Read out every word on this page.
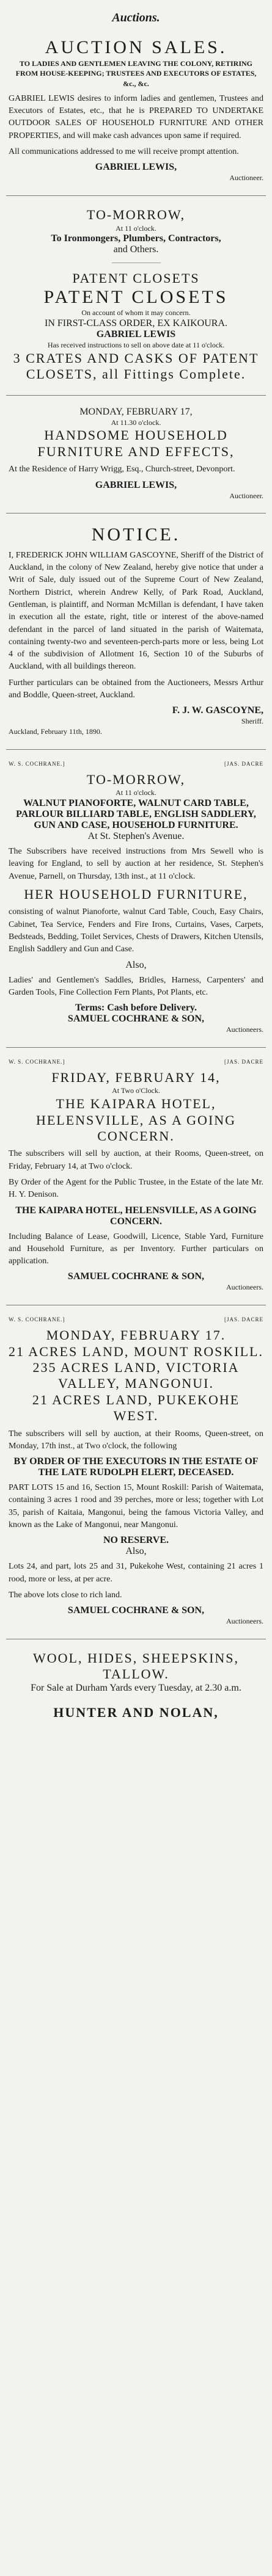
Auctions.
AUCTION SALES.
TO LADIES AND GENTLEMEN LEAVING THE COLONY, RETIRING FROM HOUSE-KEEPING; TRUSTEES AND EXECUTORS OF ESTATES, &c., &c.

GABRIEL LEWIS desires to inform ladies and gentlemen, Trustees and Executors of Estates, etc., that he is PREPARED TO UNDERTAKE OUTDOOR SALES OF HOUSEHOLD FURNITURE AND OTHER PROPERTIES, and will make cash advances upon same if required.

All communications addressed to me will receive prompt attention.

GABRIEL LEWIS,
Auctioneer.
TO-MORROW,
At 11 o'clock.
To Ironmongers, Plumbers, Contractors,
and Others.
PATENT CLOSETS
PATENT CLOSETS
On account of whom it may concern.
IN FIRST-CLASS ORDER, EX KAIKOURA.
GABRIEL LEWIS
Has received instructions to sell on above date at 11 o'clock.
3 CRATES AND CASKS OF PATENT CLOSETS, all Fittings Complete.
MONDAY, FEBRUARY 17,
At 11.30 o'clock.
HANDSOME HOUSEHOLD FURNITURE AND EFFECTS,

At the Residence of Harry Wrigg, Esq., Church-street, Devonport.

GABRIEL LEWIS,
Auctioneer.
NOTICE.

I, FREDERICK JOHN WILLIAM GASCOYNE, Sheriff of the District of Auckland, in the colony of New Zealand, hereby give notice that under a Writ of Sale, duly issued out of the Supreme Court of New Zealand, Northern District, wherein Andrew Kelly, of Park Road, Auckland, Gentleman, is plaintiff, and Norman McMillan is defendant, I have taken in execution all the estate, right, title or interest of the above-named defendant in the parcel of land situated in the parish of Waitemata, containing twenty-two and seventeen-perch-parts more or less, being Lot 4 of the subdivision of Allotment 16, Section 10 of the Suburbs of Auckland, with all buildings thereon.

Further particulars can be obtained from the Auctioneers, Messrs Arthur and Boddle, Queen-street, Auckland.

F. J. W. GASCOYNE,
Sheriff.
Auckland, February 11th, 1890.
W. S. COCHRANE.]	[JAS. DACRE
TO-MORROW,
At 11 o'clock.
WALNUT PIANOFORTE, WALNUT CARD TABLE, PARLOUR BILLIARD TABLE, ENGLISH SADDLERY, GUN AND CASE, HOUSEHOLD FURNITURE.
At St. Stephen's Avenue.

The Subscribers have received instructions from Mrs Sewell who is leaving for England, to sell by auction at her residence, St. Stephen's Avenue, Parnell, on Thursday, 13th inst., at 11 o'clock.

HER HOUSEHOLD FURNITURE,

consisting of walnut Pianoforte, walnut Card Table, Couch, Easy Chairs, Cabinet, Tea Service, Fenders and Fire Irons, Curtains, Vases, Carpets, Bedsteads, Bedding, Toilet Services, Chests of Drawers, Kitchen Utensils, English Saddlery and Gun and Case.

Also,

Ladies' and Gentlemen's Saddles, Bridles, Harness, Carpenters' and Garden Tools, Fine Collection Fern Plants, Pot Plants, etc.

Terms: Cash before Delivery.
SAMUEL COCHRANE & SON,
Auctioneers.
W. S. COCHRANE.]	[JAS. DACRE
FRIDAY, FEBRUARY 14,
At Two o'Clock.
THE KAIPARA HOTEL, HELENSVILLE, AS A GOING CONCERN.

The subscribers will sell by auction, at their Rooms, Queen-street, on Friday, February 14, at Two o'clock.

By Order of the Agent for the Public Trustee, in the Estate of the late Mr. H. Y. Denison.

THE KAIPARA HOTEL, HELENSVILLE, AS A GOING CONCERN.

Including Balance of Lease, Goodwill, Licence, Stable Yard, Furniture and Household Furniture, as per Inventory. Further particulars on application.

SAMUEL COCHRANE & SON,
Auctioneers.
W. S. COCHRANE.]	[JAS. DACRE
MONDAY, FEBRUARY 17.
21 ACRES LAND, MOUNT ROSKILL.
235 ACRES LAND, VICTORIA VALLEY, MANGONUI.
21 ACRES LAND, PUKEKOHE WEST.

The subscribers will sell by auction, at their Rooms, Queen-street, on Monday, 17th inst., at Two o'clock, the following

BY ORDER OF THE EXECUTORS IN THE ESTATE OF THE LATE RUDOLPH ELERT, DECEASED.

PART LOTS 15 and 16, Section 15, Mount Roskill: Parish of Waitemata, containing 3 acres 1 rood and 39 perches, more or less; together with Lot 35, parish of Kaitaia, Mangonui, being the famous Victoria Valley, and known as the Lake of Mangonui, near Mangonui.

NO RESERVE.
Also,

Lots 24, and part, lots 25 and 31, Pukekohe West, containing 21 acres 1 rood, more or less, at per acre.

The above lots close to rich land.

SAMUEL COCHRANE & SON,
Auctioneers.
WOOL, HIDES, SHEEPSKINS, TALLOW.
For Sale at Durham Yards every Tuesday, at 2.30 a.m.
HUNTER AND NOLAN,
